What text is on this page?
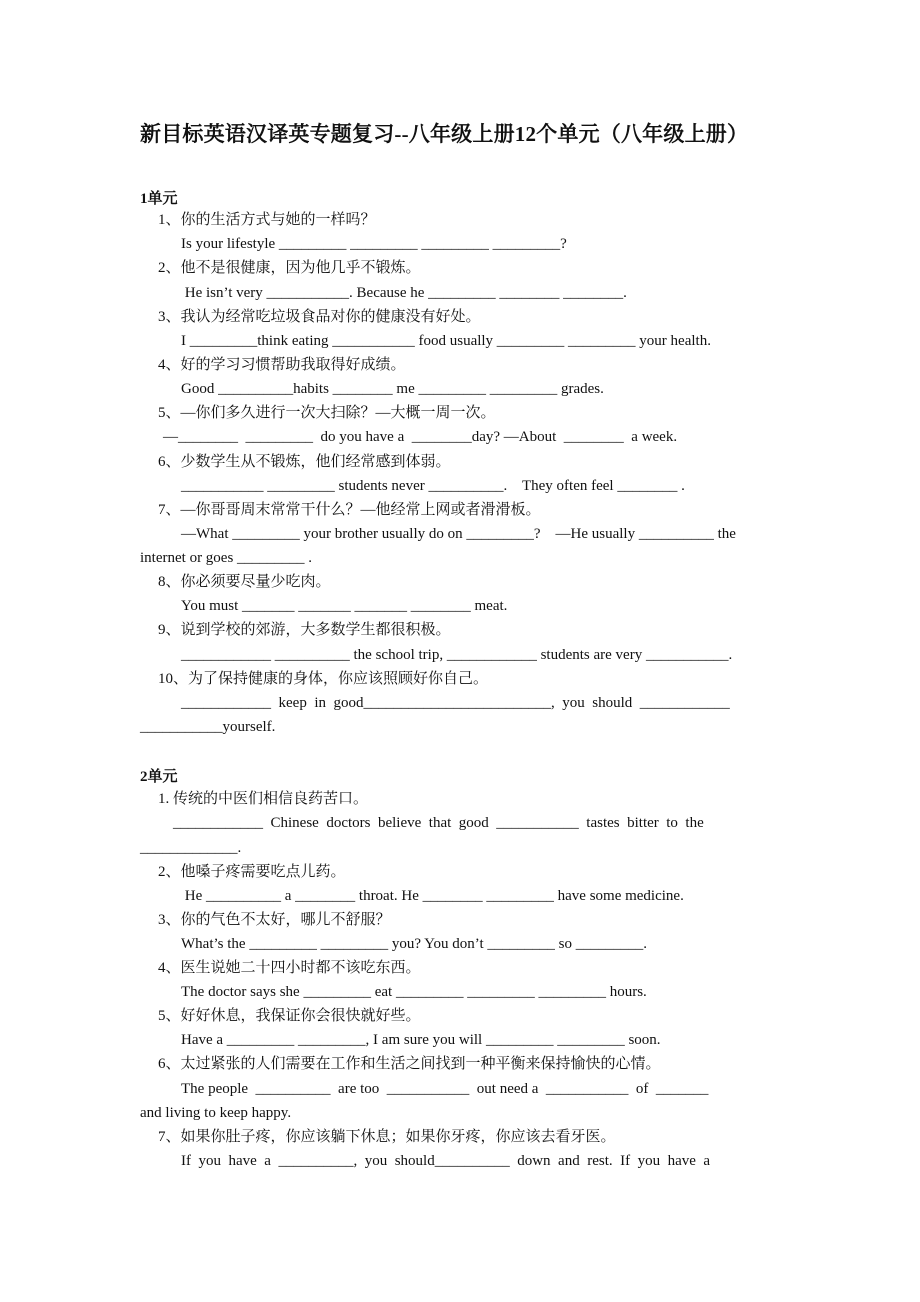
新目标英语汉译英专题复习--八年级上册12个单元（八年级上册）
1单元
1、你的生活方式与她的一样吗？
Is your lifestyle _________ _________ _________ _________?
2、他不是很健康，因为他几乎不锻炼。
He isn’t very ___________. Because he _________ ________ ________.
3、我认为经常吃垃圾食品对你的健康没有好处。
I _________think eating ___________ food usually _________ _________ your health.
4、好的学习习惯帮助我取得好成绩。
Good __________habits ________ me _________ _________ grades.
5、—你们多久进行一次大扫除？—大概一周一次。
—________  _________  do you have a  ________day? —About  ________  a week.
6、少数学生从不锻炼，他们经常感到体弱。
___________ _________ students never __________.    They often feel ________ .
7、—你哥哥周末常常干什么？—他经常上网或者滑滑板。
—What _________ your brother usually do on _________?    —He usually __________ the
internet or goes _________ .
8、你必须要尽量少吃肉。
You must _______ _______ _______ ________ meat.
9、说到学校的郊游，大多数学生都很积极。
____________ __________ the school trip, ____________ students are very ___________.
10、为了保持健康的身体，你应该照顾好你自己。
____________  keep  in  good_________________________,  you  should  ____________
___________yourself.
2单元
1. 传统的中医们相信良药苦口。
____________  Chinese  doctors  believe  that  good  ___________  tastes  bitter  to  the
_____________.
2、他嗓子疼需要吃点儿药。
He __________ a ________ throat. He ________ _________ have some medicine.
3、你的气色不太好，哪儿不舒服？
What’s the _________ _________ you? You don’t _________ so _________.
4、医生说她二十四小时都不该吃东西。
The doctor says she _________ eat _________ _________ _________ hours.
5、好好休息，我保证你会很快就好些。
Have a _________ _________, I am sure you will _________ _________ soon.
6、太过紧张的人们需要在工作和生活之间找到一种平衡来保持愉快的心情。
The people  __________  are too  ___________  out need a  ___________  of  _______
and living to keep happy.
7、如果你肚子疼，你应该躺下休息；如果你牙疼，你应该去看牙医。
If  you  have  a  __________,  you  should__________  down  and  rest.  If  you  have  a
